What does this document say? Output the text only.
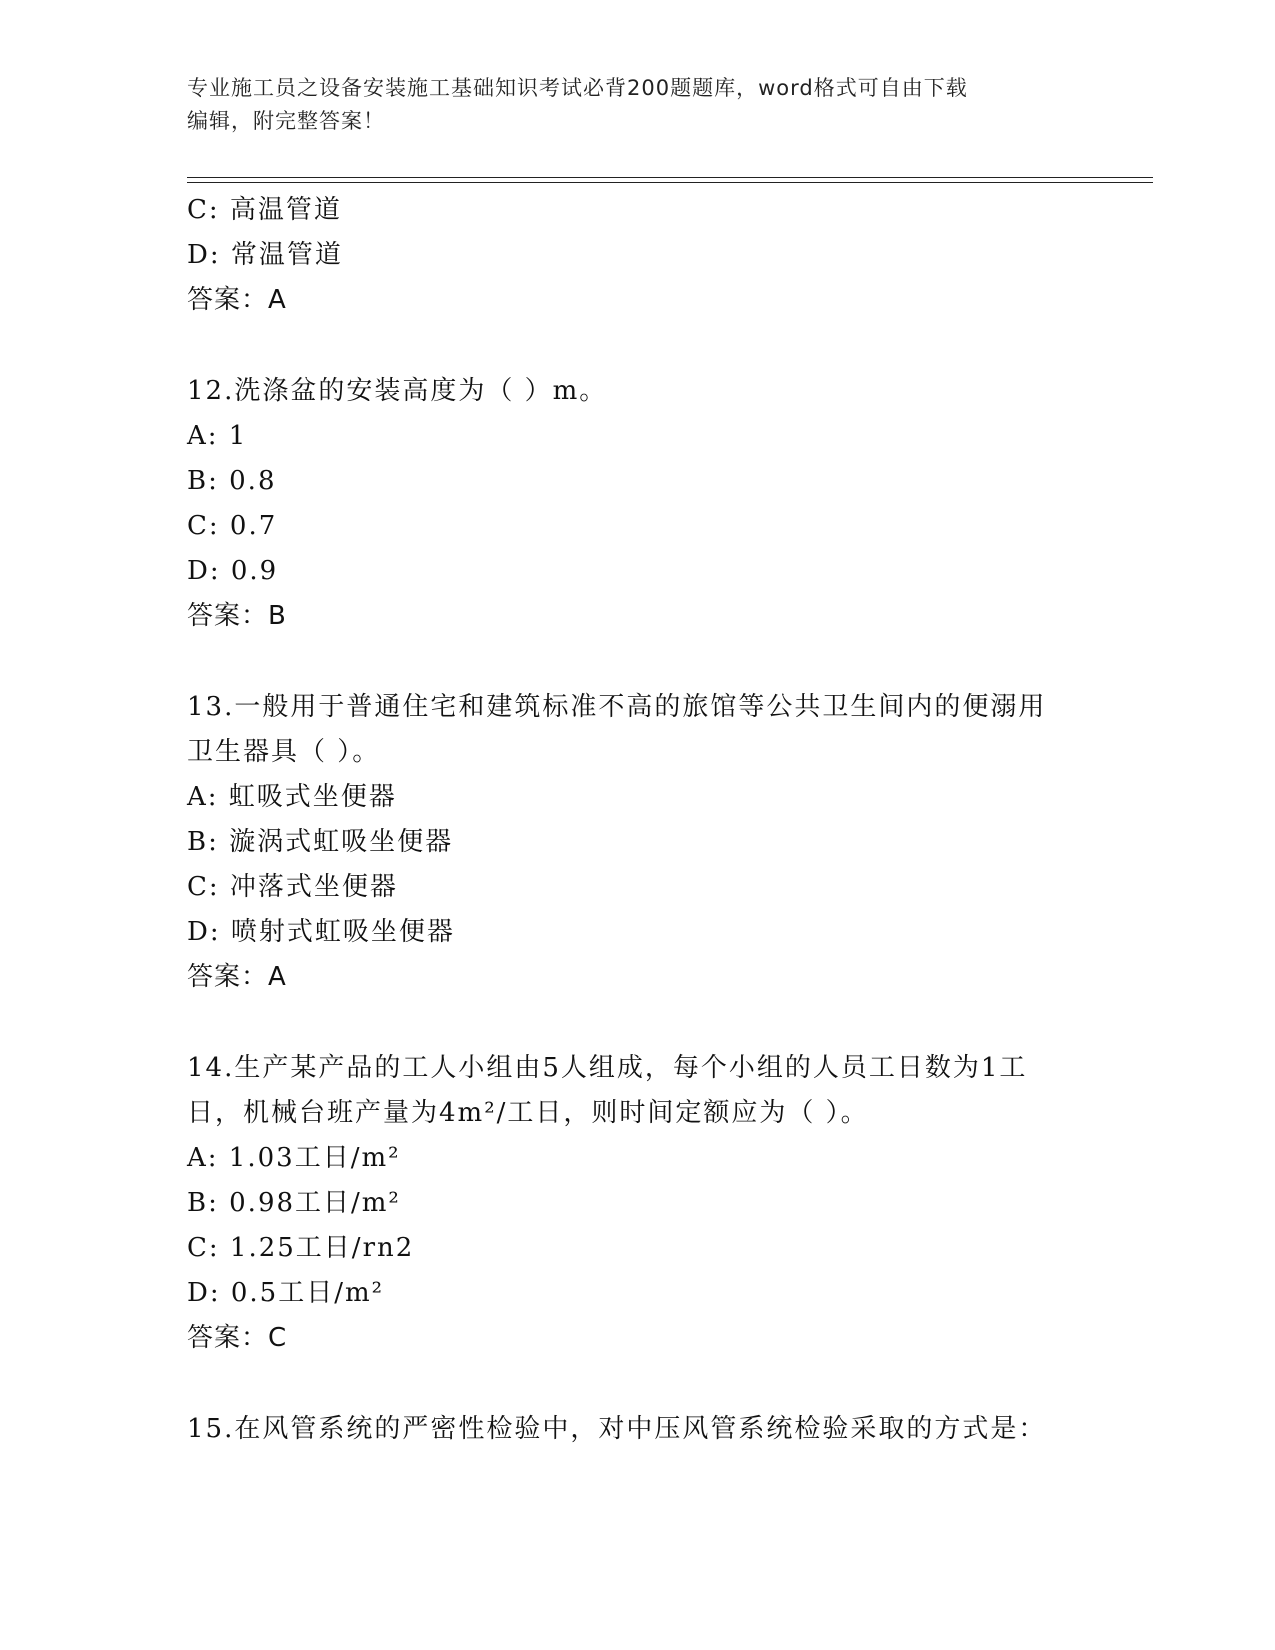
专业施工员之设备安装施工基础知识考试必背200题题库，word格式可自由下载
编辑，附完整答案！
C: 高温管道
D: 常温管道
答案：A
12.洗涤盆的安装高度为（ ）m。
A: 1
B: 0.8
C: 0.7
D: 0.9
答案：B
13.一般用于普通住宅和建筑标准不高的旅馆等公共卫生间内的便溺用
卫生器具（ ）。
A: 虹吸式坐便器
B: 漩涡式虹吸坐便器
C: 冲落式坐便器
D: 喷射式虹吸坐便器
答案：A
14.生产某产品的工人小组由5人组成，每个小组的人员工日数为1工
日，机械台班产量为4m²/工日，则时间定额应为（ ）。
A: 1.03工日/m²
B: 0.98工日/m²
C: 1.25工日/rn2
D: 0.5工日/m²
答案：C
15.在风管系统的严密性检验中，对中压风管系统检验采取的方式是：
